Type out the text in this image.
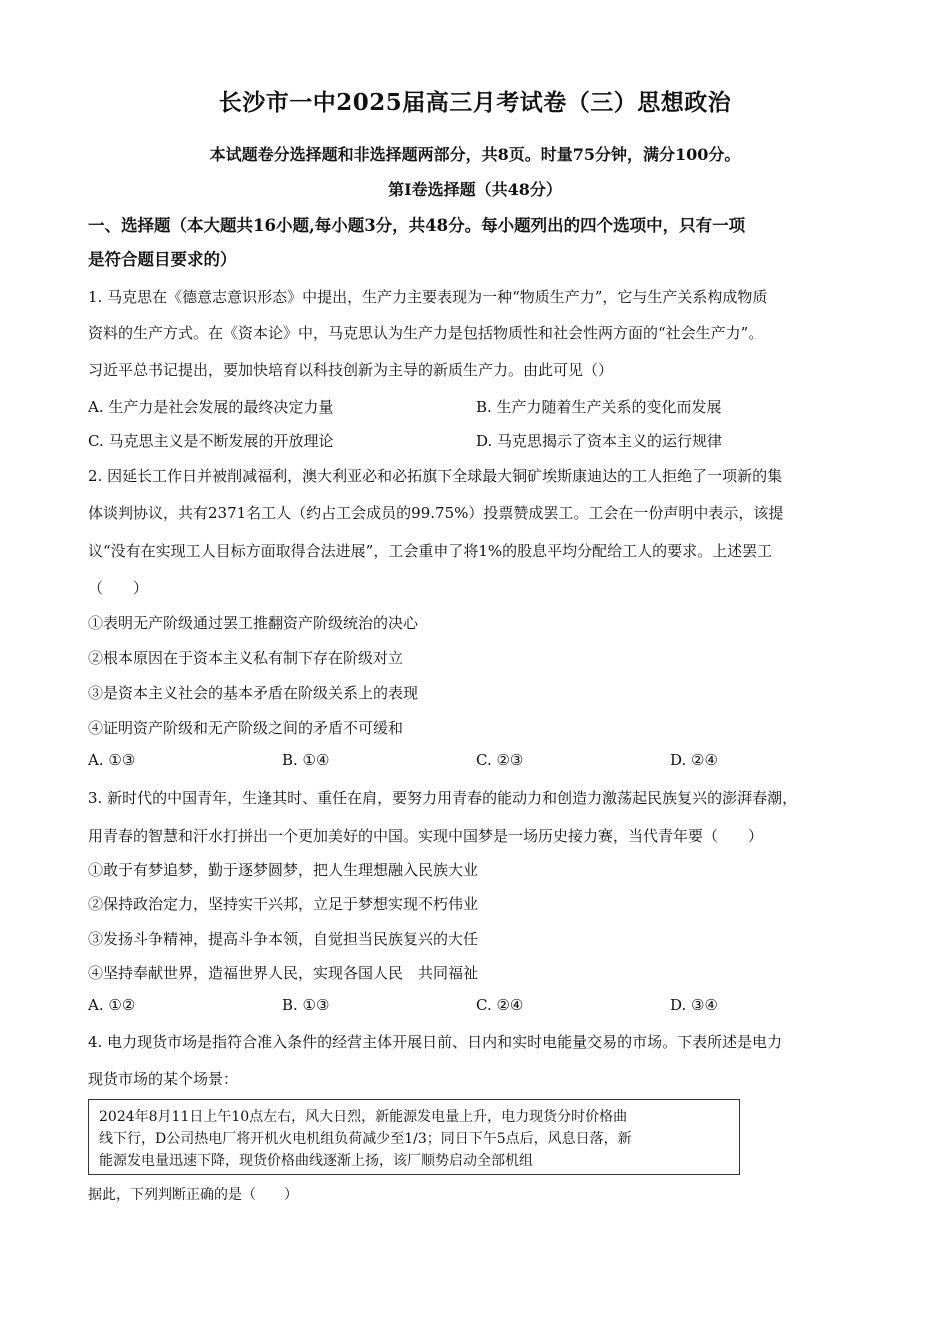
长沙市一中2025届高三月考试卷（三）思想政治
本试题卷分选择题和非选择题两部分，共8页。时量75分钟，满分100分。
第Ⅰ卷选择题（共48分）
一、选择题（本大题共16小题,每小题3分，共48分。每小题列出的四个选项中，只有一项
是符合题目要求的）
1. 马克思在《德意志意识形态》中提出，生产力主要表现为一种“物质生产力”，它与生产关系构成物质
资料的生产方式。在《资本论》中，马克思认为生产力是包括物质性和社会性两方面的“社会生产力”。
习近平总书记提出，要加快培育以科技创新为主导的新质生产力。由此可见（）
A. 生产力是社会发展的最终决定力量	B. 生产力随着生产关系的变化而发展
C. 马克思主义是不断发展的开放理论	D. 马克思揭示了资本主义的运行规律
2. 因延长工作日并被削减福利，澳大利亚必和必拓旗下全球最大铜矿埃斯康迪达的工人拒绝了一项新的集
体谈判协议，共有2371名工人（约占工会成员的99.75%）投票赞成罢工。工会在一份声明中表示，该提
议“没有在实现工人目标方面取得合法进展”，工会重申了将1%的股息平均分配给工人的要求。上述罢工
（　　）
①表明无产阶级通过罢工推翻资产阶级统治的决心
②根本原因在于资本主义私有制下存在阶级对立
③是资本主义社会的基本矛盾在阶级关系上的表现
④证明资产阶级和无产阶级之间的矛盾不可缓和
A. ①③	B. ①④	C. ②③	D. ②④
3. 新时代的中国青年，生逢其时、重任在肩，要努力用青春的能动力和创造力激荡起民族复兴的澎湃春潮，
用青春的智慧和汗水打拼出一个更加美好的中国。实现中国梦是一场历史接力赛，当代青年要（　　）
①敢于有梦追梦，勤于逐梦圆梦，把人生理想融入民族大业
②保持政治定力，坚持实干兴邦，立足于梦想实现不朽伟业
③发扬斗争精神，提高斗争本领，自觉担当民族复兴的大任
④坚持奉献世界，造福世界人民，实现各国人民　共同福祉
A. ①②	B. ①③	C. ②④	D. ③④
4. 电力现货市场是指符合准入条件的经营主体开展日前、日内和实时电能量交易的市场。下表所述是电力
现货市场的某个场景：
2024年8月11日上午10点左右，风大日烈，新能源发电量上升，电力现货分时价格曲
线下行，D公司热电厂将开机火电机组负荷减少至1/3；同日下午5点后，风息日落，新
能源发电量迅速下降，现货价格曲线逐渐上扬，该厂顺势启动全部机组
据此，下列判断正确的是（　　）
